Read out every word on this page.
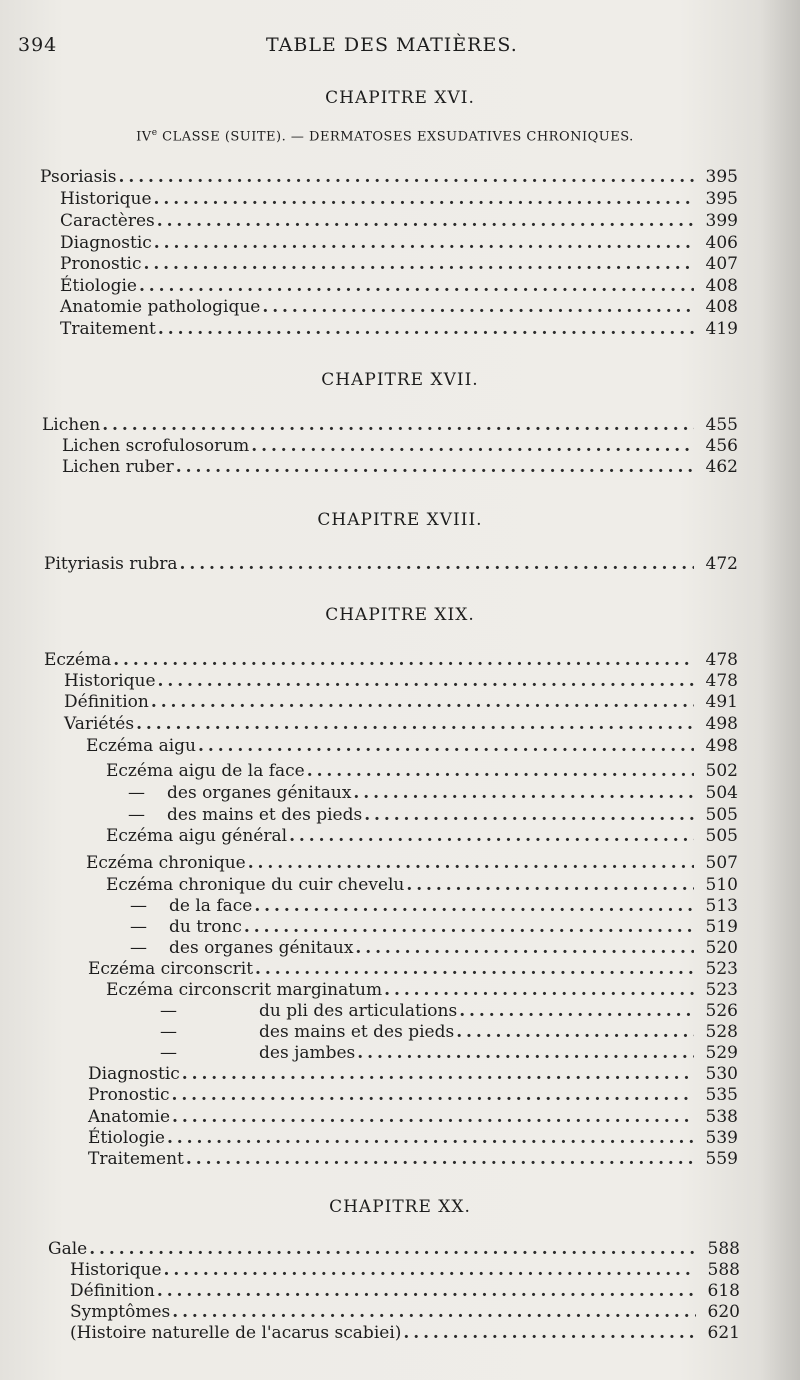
394	TABLE DES MATIÈRES.
CHAPITRE XVI.
IVe CLASSE (SUITE). — DERMATOSES EXSUDATIVES CHRONIQUES.
Psoriasis . . .	395
Historique . . .	395
Caractères . . .	399
Diagnostic . . .	406
Pronostic . . .	407
Étiologie . . .	408
Anatomie pathologique . . .	408
Traitement . . .	419
CHAPITRE XVII.
Lichen . . .	455
Lichen scrofulosorum . . .	456
Lichen ruber . . .	462
CHAPITRE XVIII.
Pityriasis rubra . . .	472
CHAPITRE XIX.
Eczéma . . .	478
Historique . . .	478
Définition . . .	491
Variétés . . .	498
Eczéma aigu . . .	498
Eczéma aigu de la face . . .	502
— des organes génitaux . . .	504
— des mains et des pieds . . .	505
Eczéma aigu général . . .	505
Eczéma chronique . . .	507
Eczéma chronique du cuir chevelu . . .	510
— de la face . . .	513
— du tronc . . .	519
— des organes génitaux . . .	520
Eczéma circonscrit . . .	523
Eczéma circonscrit marginatum . . .	523
—	du pli des articulations . . .	526
—	des mains et des pieds . . .	528
—	des jambes . . .	529
Diagnostic . . .	530
Pronostic . . .	535
Anatomie . . .	538
Étiologie . . .	539
Traitement . . .	559
CHAPITRE XX.
Gale . . .	588
Historique . . .	588
Définition . . .	618
Symptômes . . .	620
(Histoire naturelle de l'acarus scabiei) . . .	621
